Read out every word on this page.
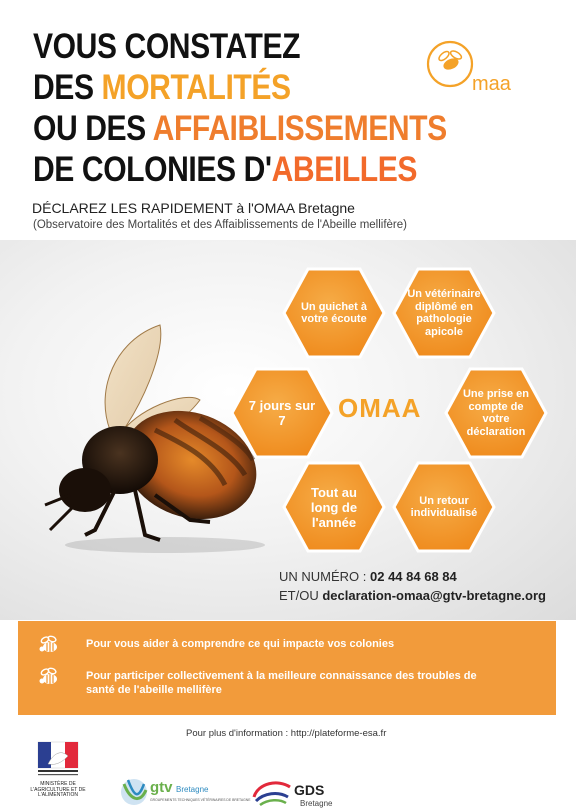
VOUS CONSTATEZ
DES MORTALITÉS
OU DES AFFAIBLISSEMENTS
DE COLONIES D'ABEILLES
maa
DÉCLAREZ LES RAPIDEMENT à l'OMAA Bretagne
(Observatoire des Mortalités et des Affaiblissements de l'Abeille mellifère)
Un guichet à votre écoute
Un vétérinaire diplômé en pathologie apicole
7 jours sur 7
Une prise en compte de votre déclaration
Tout au long de l'année
Un retour individualisé
OMAA
UN NUMÉRO : 02 44 84 68 84
ET/OU declaration-omaa@gtv-bretagne.org
Pour vous aider à comprendre ce qui impacte vos colonies
Pour participer collectivement à la meilleure connaissance des troubles de santé de l'abeille mellifère
Pour plus d'information : http://plateforme-esa.fr
MINISTÈRE DE L'AGRICULTURE ET DE L'ALIMENTATION	gtv Bretagne
GROUPEMENTS TECHNIQUES VÉTÉRINAIRES DE BRETAGNE
GDS
Bretagne
